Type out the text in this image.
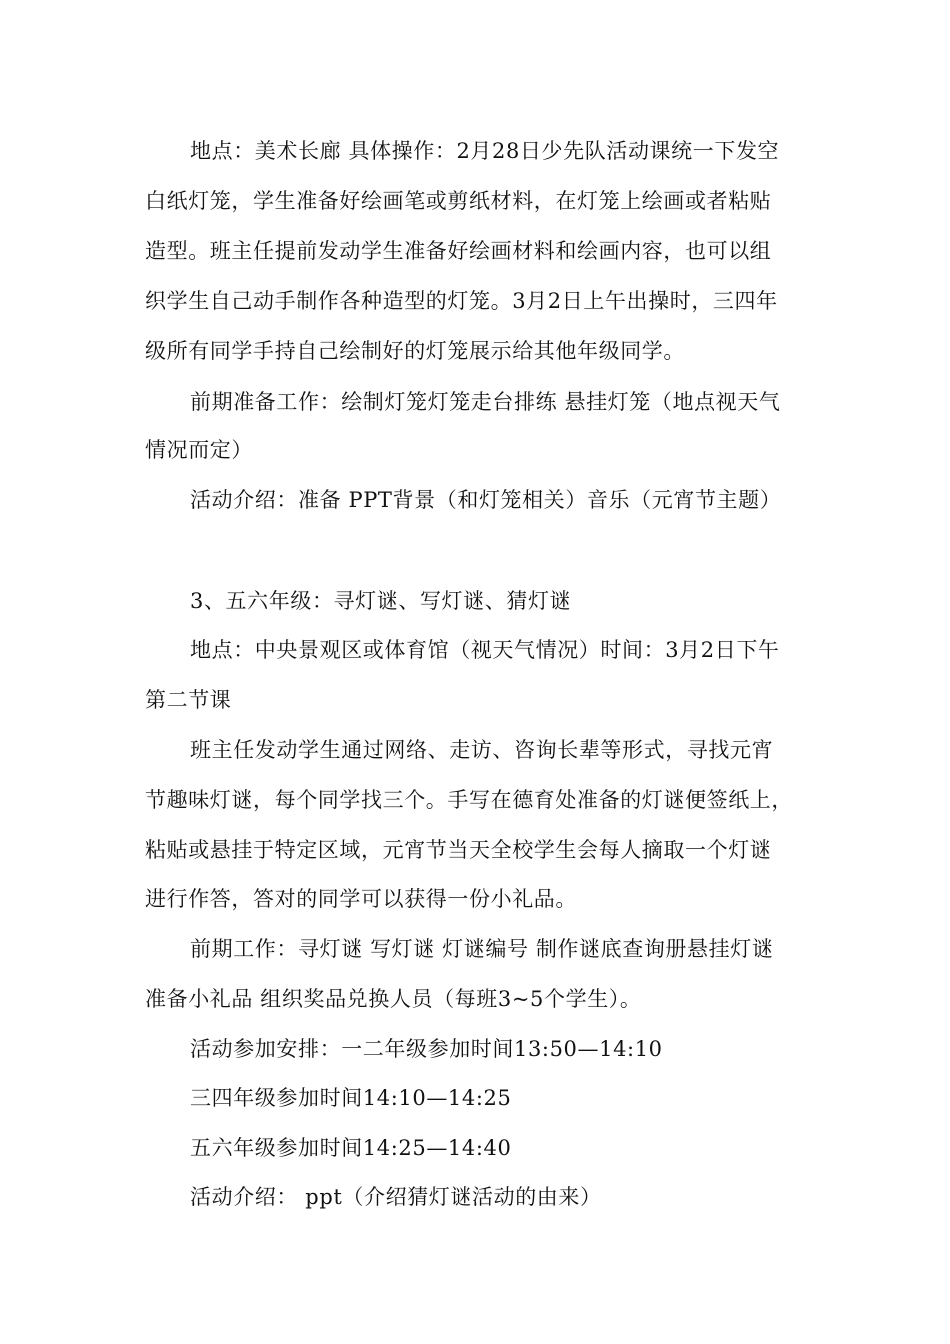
地点：美术长廊 具体操作：2月28日少先队活动课统一下发空
白纸灯笼，学生准备好绘画笔或剪纸材料，在灯笼上绘画或者粘贴
造型。班主任提前发动学生准备好绘画材料和绘画内容，也可以组
织学生自己动手制作各种造型的灯笼。3月2日上午出操时，三四年
级所有同学手持自己绘制好的灯笼展示给其他年级同学。
前期准备工作：绘制灯笼灯笼走台排练 悬挂灯笼（地点视天气
情况而定）
活动介绍：准备 PPT背景（和灯笼相关）音乐（元宵节主题）
3、五六年级：寻灯谜、写灯谜、猜灯谜
地点：中央景观区或体育馆（视天气情况）时间：3月2日下午
第二节课
班主任发动学生通过网络、走访、咨询长辈等形式，寻找元宵
节趣味灯谜，每个同学找三个。手写在德育处准备的灯谜便签纸上，
粘贴或悬挂于特定区域，元宵节当天全校学生会每人摘取一个灯谜
进行作答，答对的同学可以获得一份小礼品。
前期工作：寻灯谜 写灯谜 灯谜编号 制作谜底查询册悬挂灯谜
准备小礼品 组织奖品兑换人员（每班3~5个学生）。
活动参加安排：一二年级参加时间13:50—14:10
三四年级参加时间14:10—14:25
五六年级参加时间14:25—14:40
活动介绍： ppt（介绍猜灯谜活动的由来）
